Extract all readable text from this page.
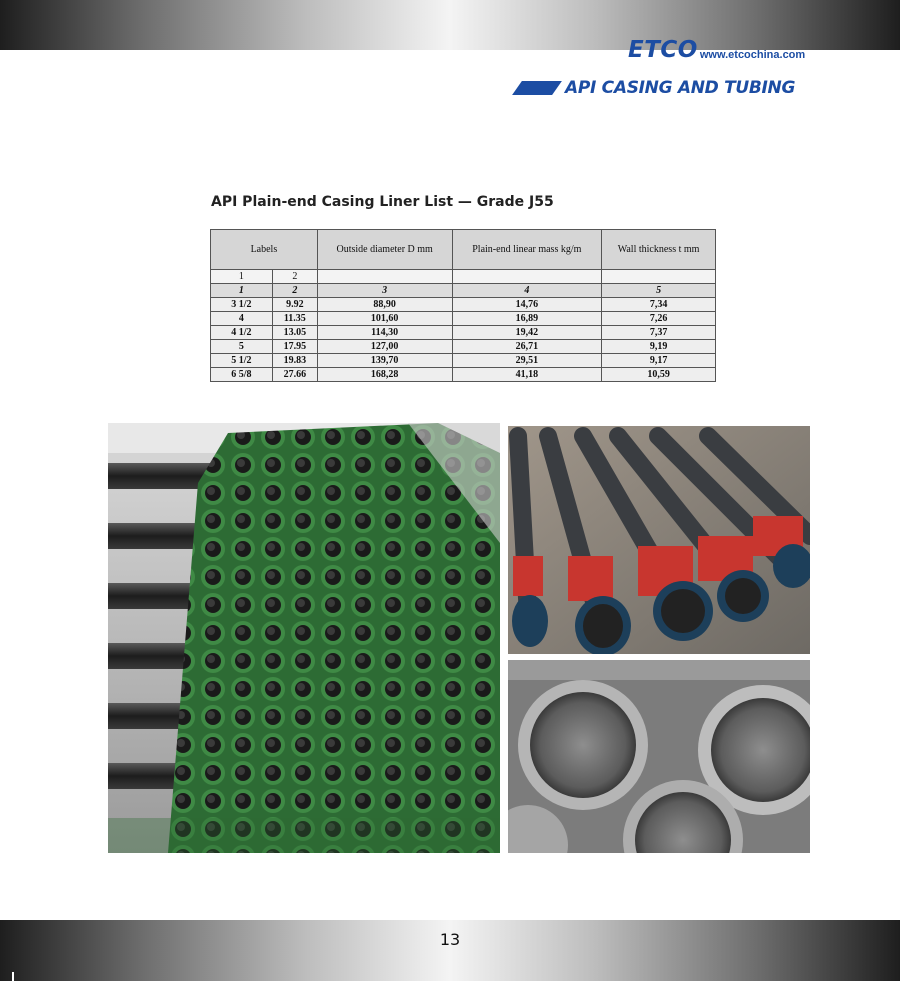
ETCO www.etcochina.com
API CASING AND TUBING
API Plain-end Casing Liner List — Grade J55
Labels		Outside diameter D mm	Plain-end linear mass kg/m	Wall thickness t mm
1	2			
1	2	3	4	5
3 1/2	9.92	88,90	14,76	7,34
4	11.35	101,60	16,89	7,26
4 1/2	13.05	114,30	19,42	7,37
5	17.95	127,00	26,71	9,19
5 1/2	19.83	139,70	29,51	9,17
6 5/8	27.66	168,28	41,18	10,59
13
